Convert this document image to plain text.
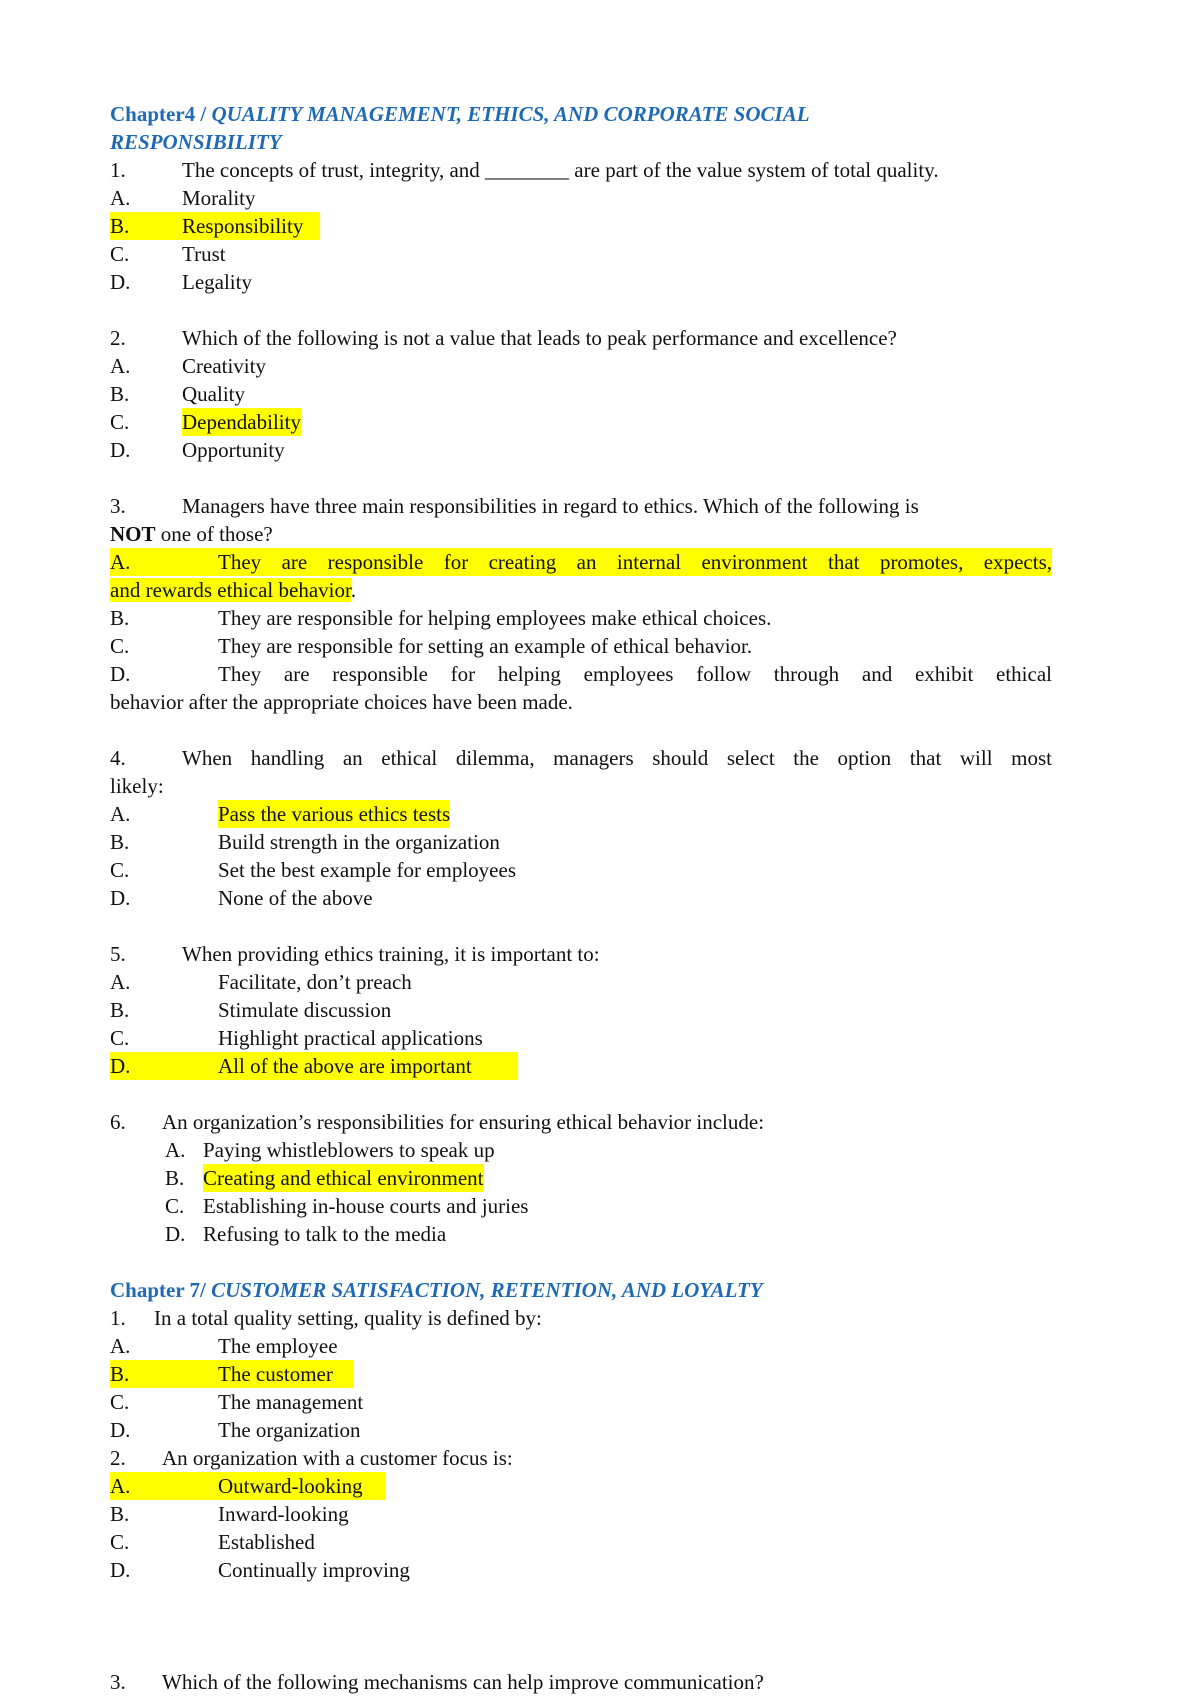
Chapter4 / QUALITY MANAGEMENT, ETHICS, AND CORPORATE SOCIAL
RESPONSIBILITY
1.	The concepts of trust, integrity, and ________ are part of the value system of total quality.
A. Morality
B.	Responsibility
C.	Trust
D. Legality
2.	Which of the following is not a value that leads to peak performance and excellence?
A. Creativity
B.	Quality
C.	Dependability
D. Opportunity
3.	Managers have three main responsibilities in regard to ethics. Which of the following is
NOT one of those?
A.	They are responsible for creating an internal environment that promotes, expects,
and rewards ethical behavior.
B.	They are responsible for helping employees make ethical choices.
C.	They are responsible for setting an example of ethical behavior.
D.	They are responsible for helping employees follow through and exhibit ethical
behavior after the appropriate choices have been made.
4.	When handling an ethical dilemma, managers should select the option that will most
likely:
A.	Pass the various ethics tests
B.	Build strength in the organization
C.	Set the best example for employees
D.	None of the above
5.	When providing ethics training, it is important to:
A.	Facilitate, don’t preach
B.	Stimulate discussion
C.	Highlight practical applications
D.	All of the above are important
6. An organization’s responsibilities for ensuring ethical behavior include:
A. Paying whistleblowers to speak up
B. Creating and ethical environment
C. Establishing in-house courts and juries
D. Refusing to talk to the media
Chapter 7/ CUSTOMER SATISFACTION, RETENTION, AND LOYALTY
1. In a total quality setting, quality is defined by:
A.	The employee
B.	The customer
C.	The management
D.	The organization
2. An organization with a customer focus is:
A.	Outward-looking
B.	Inward-looking
C.	Established
D.	Continually improving
3. Which of the following mechanisms can help improve communication?
